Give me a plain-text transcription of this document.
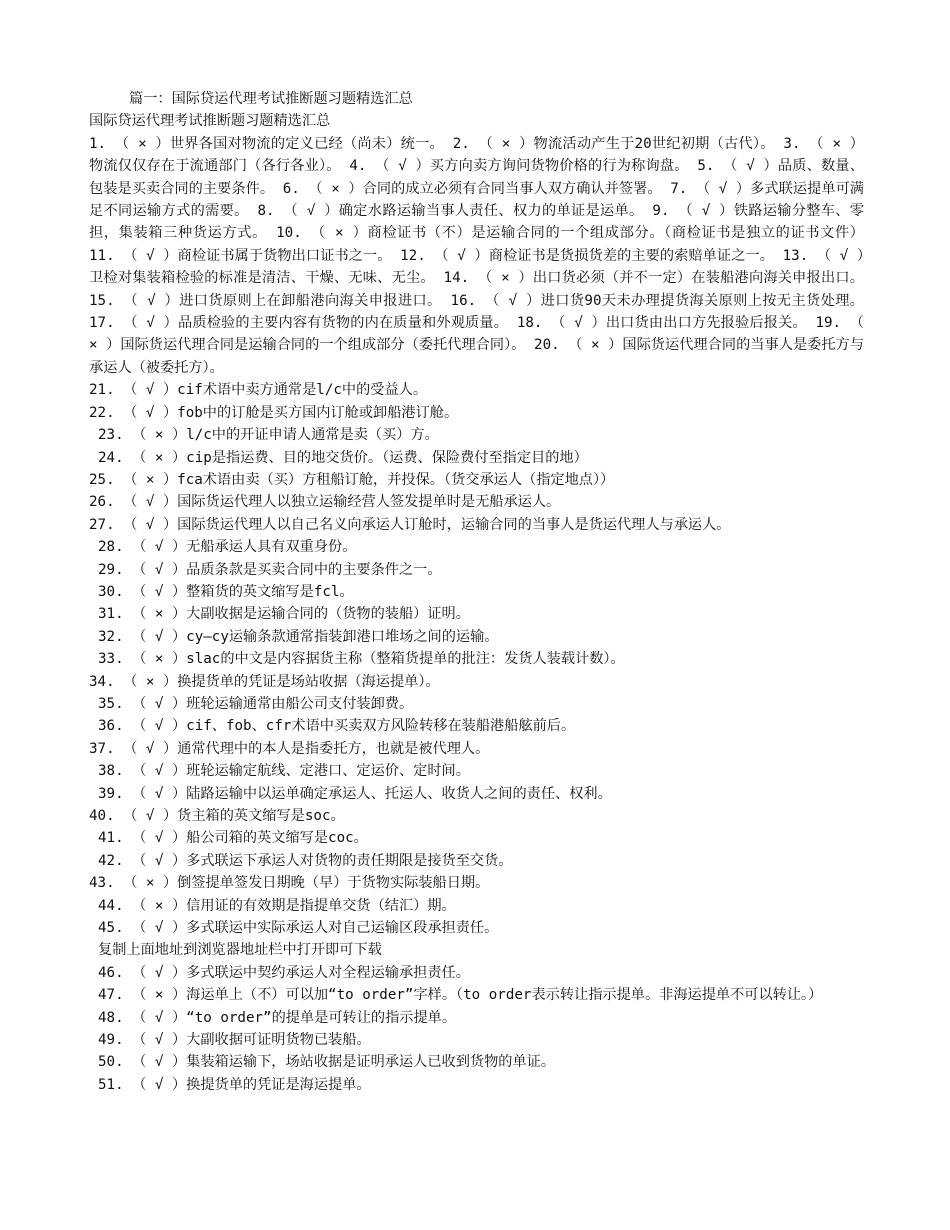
篇一：国际贷运代理考试推断题习题精选汇总

国际贷运代理考试推断题习题精选汇总

1. （ × ）世界各国对物流的定义已经（尚未）统一。 2. （ × ）物流活动产生于20世纪初期（古代）。 3. （ × ）物流仅仅存在于流通部门（各行各业）。 4. （ √ ）买方向卖方询问货物价格的行为称询盘。 5. （ √ ）品质、数量、包装是买卖合同的主要条件。 6. （ × ）合同的成立必须有合同当事人双方确认并签署。 7. （ √ ）多式联运提单可满足不同运输方式的需要。 8. （ √ ）确定水路运输当事人责任、权力的单证是运单。 9. （ √ ）铁路运输分整车、零担，集装箱三种货运方式。 10. （ × ）商检证书（不）是运输合同的一个组成部分。（商检证书是独立的证书文件） 11. （ √ ）商检证书属于货物出口证书之一。 12. （ √ ）商检证书是货损货差的主要的索赔单证之一。 13. （ √ ）卫检对集装箱检验的标准是清洁、干燥、无味、无尘。 14. （ × ）出口货必须（并不一定）在装船港向海关申报出口。 15. （ √ ）进口货原则上在卸船港向海关申报进口。 16. （ √ ）进口货90天未办理提货海关原则上按无主货处理。 17. （ √ ）品质检验的主要内容有货物的内在质量和外观质量。 18. （ √ ）出口货由出口方先报验后报关。 19. （ × ）国际货运代理合同是运输合同的一个组成部分（委托代理合同）。 20. （ × ）国际货运代理合同的当事人是委托方与承运人（被委托方）。

21. （ √ ）cif术语中卖方通常是l/c中的受益人。

22. （ √ ）fob中的订舱是买方国内订舱或卸船港订舱。

23. （ × ）l/c中的开证申请人通常是卖（买）方。

24. （ × ）cip是指运费、目的地交货价。（运费、保险费付至指定目的地）

25. （ × ）fca术语由卖（买）方租船订舱，并投保。（货交承运人（指定地点））

26. （ √ ）国际货运代理人以独立运输经营人签发提单时是无船承运人。

27. （ √ ）国际货运代理人以自己名义向承运人订舱时，运输合同的当事人是货运代理人与承运人。

28. （ √ ）无船承运人具有双重身份。

29. （ √ ）品质条款是买卖合同中的主要条件之一。

30. （ √ ）整箱货的英文缩写是fcl。

31. （ × ）大副收据是运输合同的（货物的装船）证明。

32. （ √ ）cy—cy运输条款通常指装卸港口堆场之间的运输。

33. （ × ）slac的中文是内容据货主称（整箱货提单的批注：发货人装载计数）。

34. （ × ）换提货单的凭证是场站收据（海运提单）。

35. （ √ ）班轮运输通常由船公司支付装卸费。

36. （ √ ）cif、fob、cfr术语中买卖双方风险转移在装船港船舷前后。

37. （ √ ）通常代理中的本人是指委托方，也就是被代理人。

38. （ √ ）班轮运输定航线、定港口、定运价、定时间。

39. （ √ ）陆路运输中以运单确定承运人、托运人、收货人之间的责任、权利。

40. （ √ ）货主箱的英文缩写是soc。

41. （ √ ）船公司箱的英文缩写是coc。

42. （ √ ）多式联运下承运人对货物的责任期限是接货至交货。

43. （ × ）倒签提单签发日期晚（早）于货物实际装船日期。

44. （ × ）信用证的有效期是指提单交货（结汇）期。

45. （ √ ）多式联运中实际承运人对自己运输区段承担责任。

复制上面地址到浏览器地址栏中打开即可下载

46. （ √ ）多式联运中契约承运人对全程运输承担责任。

47. （ × ）海运单上（不）可以加“to order”字样。（to order表示转让指示提单。非海运提单不可以转让。）

48. （ √ ）“to order”的提单是可转让的指示提单。

49. （ √ ）大副收据可证明货物已装船。

50. （ √ ）集装箱运输下，场站收据是证明承运人已收到货物的单证。

51. （ √ ）换提货单的凭证是海运提单。
